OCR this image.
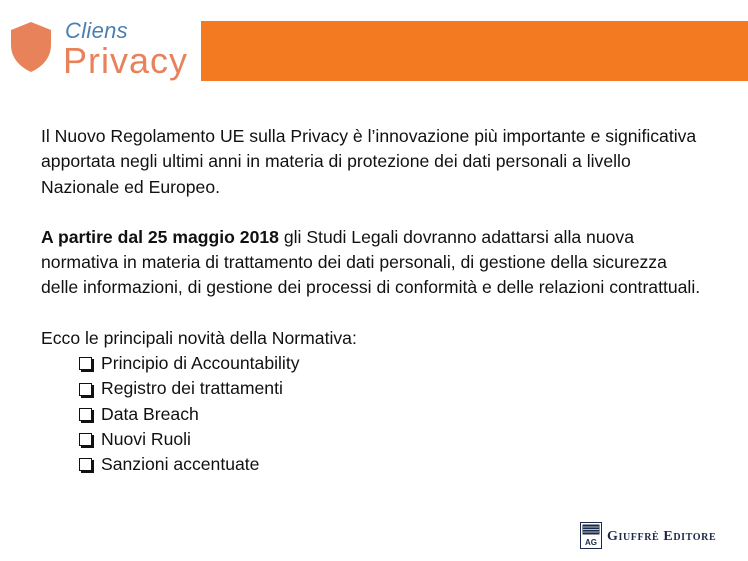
Cliens
Privacy

Il Nuovo Regolamento UE sulla Privacy è l’innovazione più importante e significativa apportata negli ultimi anni in materia di protezione dei dati personali a livello Nazionale ed Europeo.

A partire dal 25 maggio 2018 gli Studi Legali dovranno adattarsi alla nuova normativa in materia di trattamento dei dati personali, di gestione della sicurezza delle informazioni, di gestione dei processi di conformità e delle relazioni contrattuali.

Ecco le principali novità della Normativa:

Principio di Accountability
Registro dei trattamenti
Data Breach
Nuovi Ruoli
Sanzioni accentuate
AG Giuffrè Editore
